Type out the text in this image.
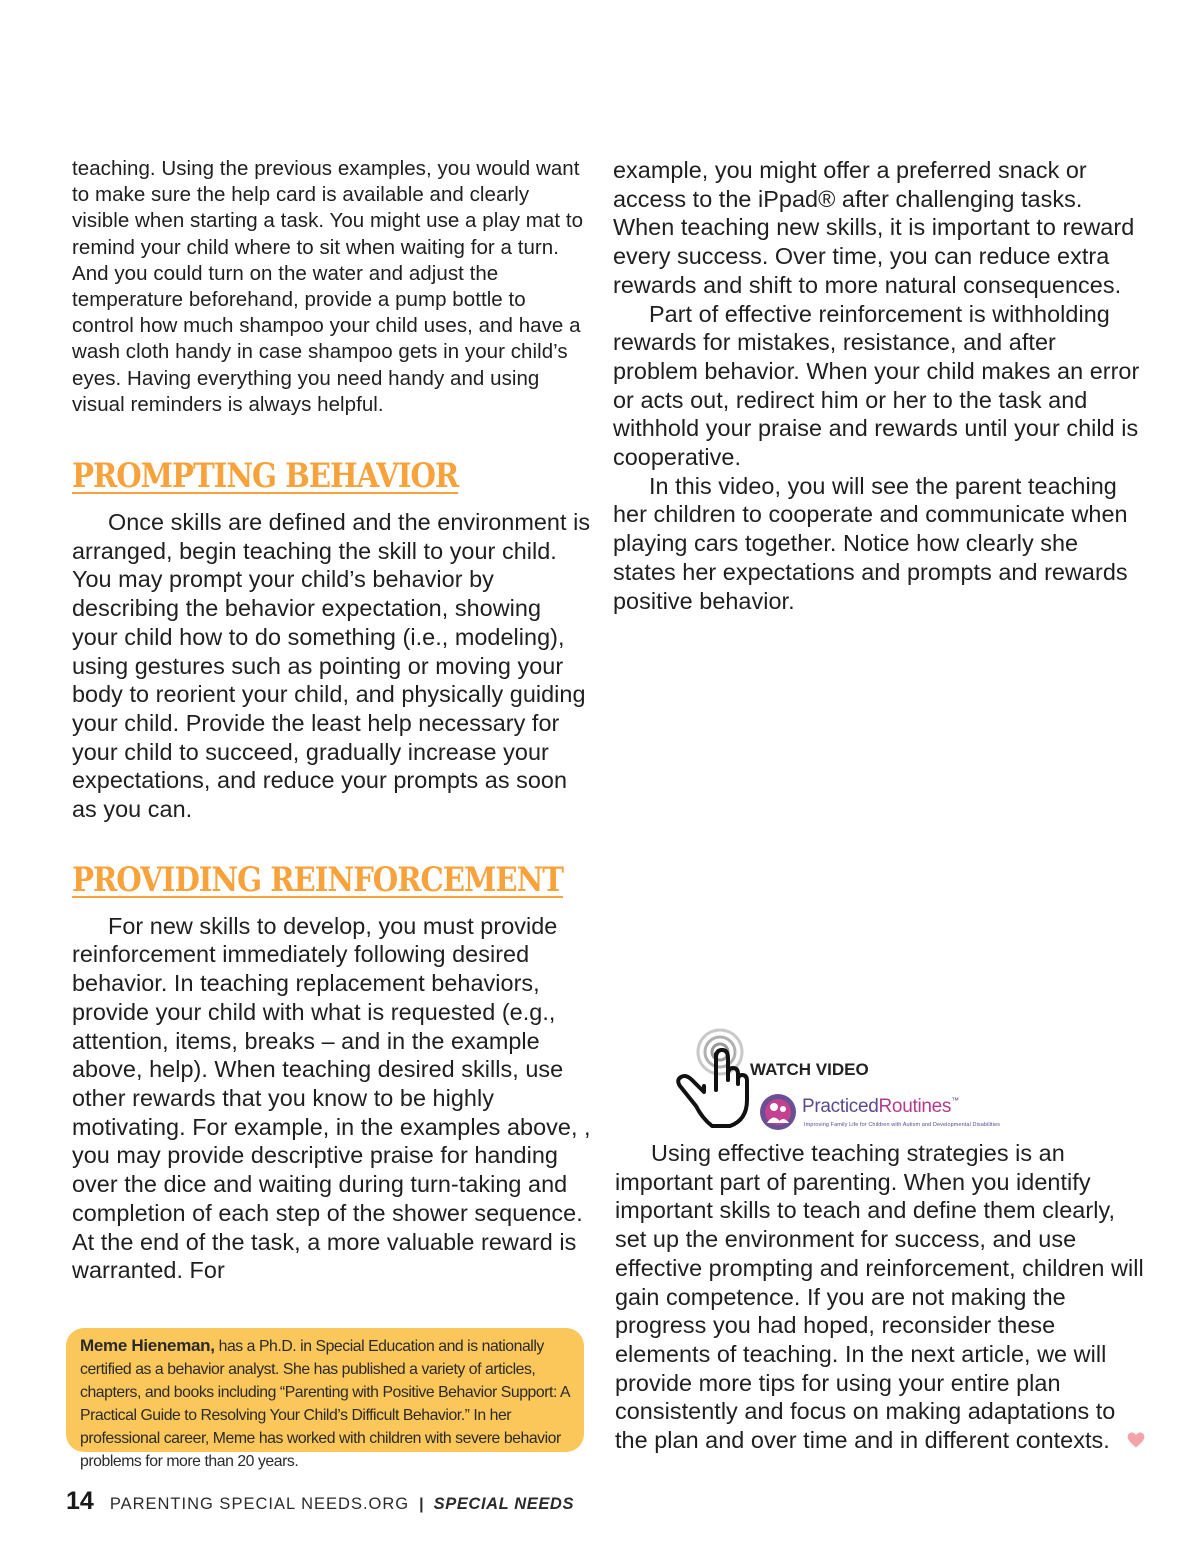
teaching. Using the previous examples, you would want to make sure the help card is available and clearly visible when starting a task. You might use a play mat to remind your child where to sit when waiting for a turn. And you could turn on the water and adjust the temperature beforehand, provide a pump bottle to control how much shampoo your child uses, and have a wash cloth handy in case shampoo gets in your child’s eyes. Having everything you need handy and using visual reminders is always helpful.

PROMPTING BEHAVIOR

Once skills are defined and the environment is arranged, begin teaching the skill to your child. You may prompt your child’s behavior by describing the behavior expectation, showing your child how to do something (i.e., modeling), using gestures such as pointing or moving your body to reorient your child, and physically guiding your child. Provide the least help necessary for your child to succeed, gradually increase your expectations, and reduce your prompts as soon as you can.

PROVIDING REINFORCEMENT

For new skills to develop, you must provide reinforcement immediately following desired behavior. In teaching replacement behaviors, provide your child with what is requested (e.g., attention, items, breaks – and in the example above, help). When teaching desired skills, use other rewards that you know to be highly motivating. For example, in the examples above, , you may provide descriptive praise for handing over the dice and waiting during turn-taking and completion of each step of the shower sequence. At the end of the task, a more valuable reward is warranted. For

example, you might offer a preferred snack or access to the iPpad® after challenging tasks. When teaching new skills, it is important to reward every success. Over time, you can reduce extra rewards and shift to more natural consequences.

Part of effective reinforcement is withholding rewards for mistakes, resistance, and after problem behavior. When your child makes an error or acts out, redirect him or her to the task and withhold your praise and rewards until your child is cooperative.

In this video, you will see the parent teaching her children to cooperate and communicate when playing cars together. Notice how clearly she states her expectations and prompts and rewards positive behavior.

WATCH VIDEO
PracticedRoutines™
Improving Family Life for Children with Autism and Developmental Disabilities

Using effective teaching strategies is an important part of parenting. When you identify important skills to teach and define them clearly, set up the environment for success, and use effective prompting and reinforcement, children will gain competence. If you are not making the progress you had hoped, reconsider these elements of teaching. In the next article, we will provide more tips for using your entire plan consistently and focus on making adaptations to the plan and over time and in different contexts.

Meme Hieneman, has a Ph.D. in Special Education and is nationally certified as a behavior analyst. She has published a variety of articles, chapters, and books including “Parenting with Positive Behavior Support: A Practical Guide to Resolving Your Child’s Difficult Behavior.” In her professional career, Meme has worked with children with severe behavior problems for more than 20 years.
14 PARENTING SPECIAL NEEDS.ORG | SPECIAL NEEDS
